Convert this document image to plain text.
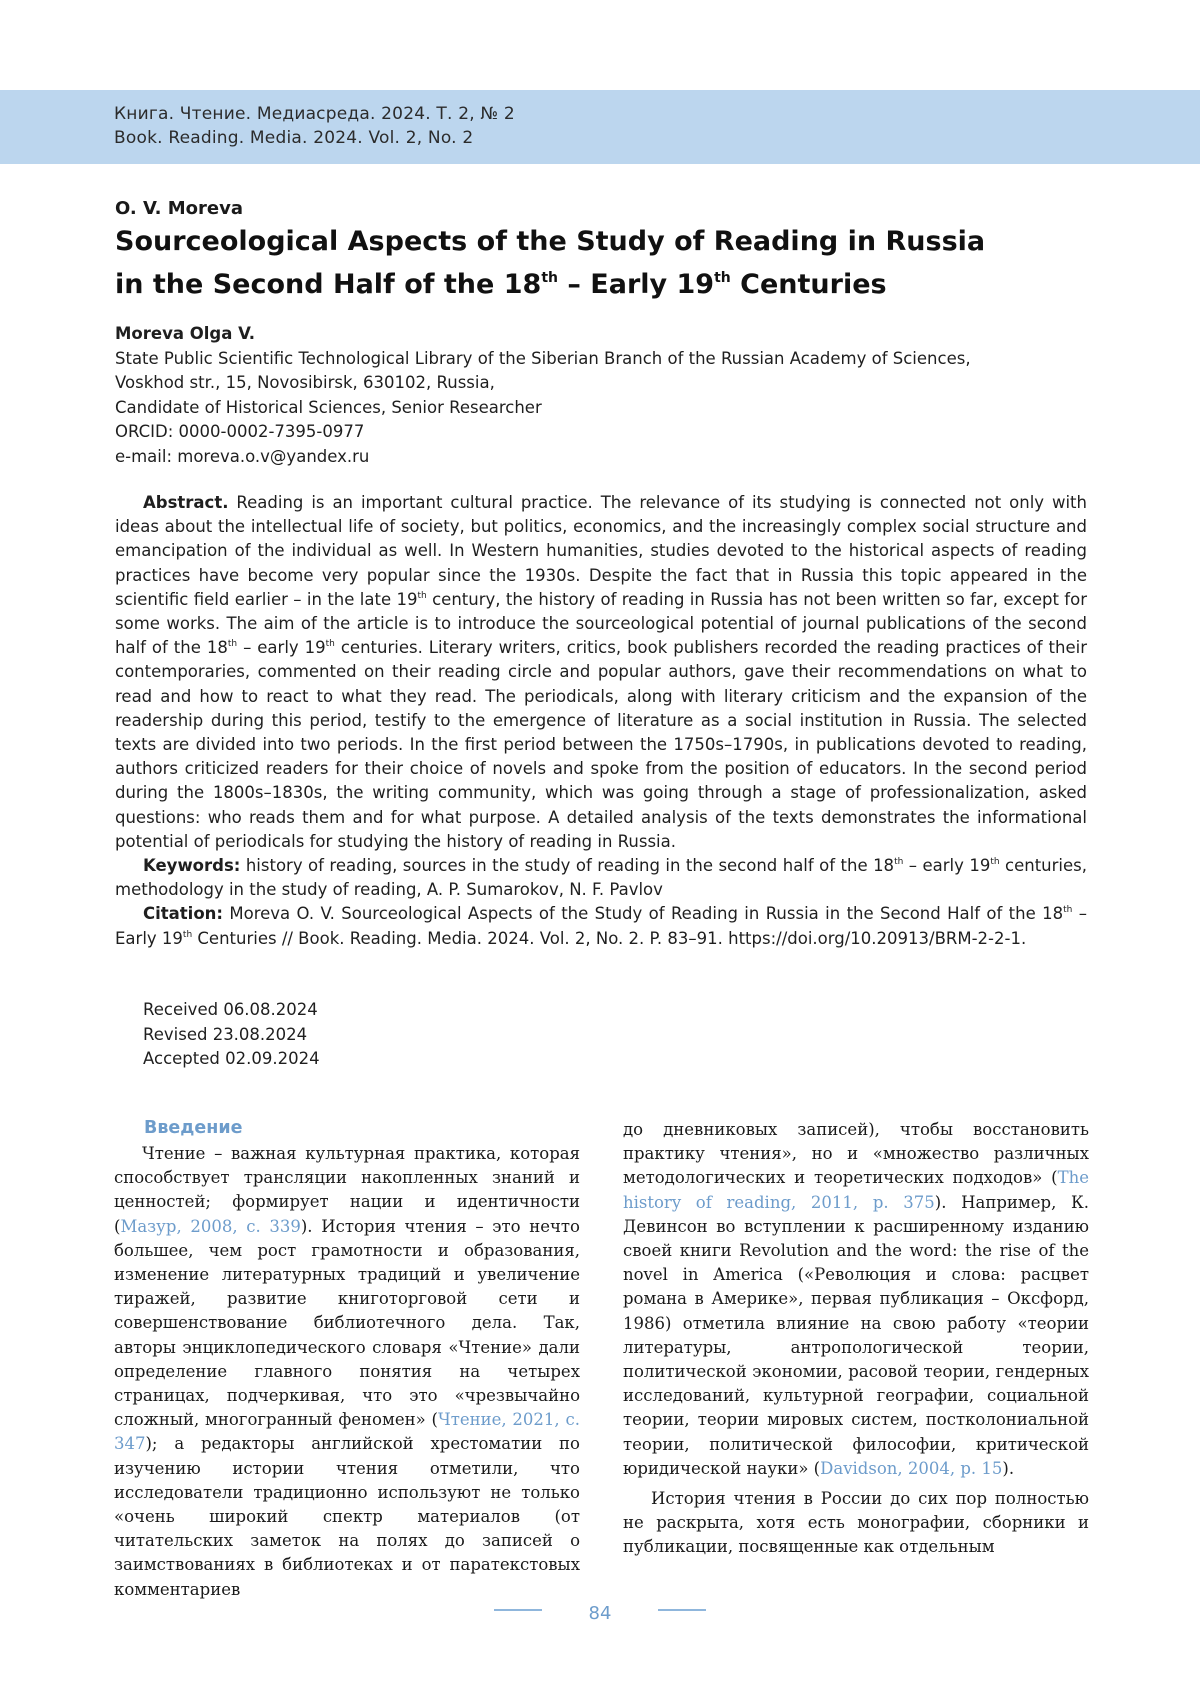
Книга. Чтение. Медиасреда. 2024. Т. 2, № 2
Book. Reading. Media. 2024. Vol. 2, No. 2
O. V. Moreva
Sourceological Aspects of the Study of Reading in Russia
in the Second Half of the 18th – Early 19th Centuries
Moreva Olga V.
State Public Scientific Technological Library of the Siberian Branch of the Russian Academy of Sciences,
Voskhod str., 15, Novosibirsk, 630102, Russia,
Candidate of Historical Sciences, Senior Researcher
ORCID: 0000-0002-7395-0977
e-mail: moreva.o.v@yandex.ru

Abstract. Reading is an important cultural practice. The relevance of its studying is connected not only with ideas about the intellectual life of society, but politics, economics, and the increasingly complex social structure and emancipation of the individual as well. In Western humanities, studies devoted to the historical aspects of reading practices have become very popular since the 1930s. Despite the fact that in Russia this topic appeared in the scientific field earlier – in the late 19th century, the history of reading in Russia has not been written so far, except for some works. The aim of the article is to introduce the sourceological potential of journal publications of the second half of the 18th – early 19th centuries. Literary writers, critics, book publishers recorded the reading practices of their contemporaries, commented on their reading circle and popular authors, gave their recommendations on what to read and how to react to what they read. The periodicals, along with literary criticism and the expansion of the readership during this period, testify to the emergence of literature as a social institution in Russia. The selected texts are divided into two periods. In the first period between the 1750s–1790s, in publications devoted to reading, authors criticized readers for their choice of novels and spoke from the position of educators. In the second period during the 1800s–1830s, the writing community, which was going through a stage of professionalization, asked questions: who reads them and for what purpose. A detailed analysis of the texts demonstrates the informational potential of periodicals for studying the history of reading in Russia.

Keywords: history of reading, sources in the study of reading in the second half of the 18th – early 19th centuries, methodology in the study of reading, A. P. Sumarokov, N. F. Pavlov

Citation: Moreva O. V. Sourceological Aspects of the Study of Reading in Russia in the Second Half of the 18th – Early 19th Centuries // Book. Reading. Media. 2024. Vol. 2, No. 2. P. 83–91. https://doi.org/10.20913/BRM-2-2-1.

Received 06.08.2024
Revised 23.08.2024
Accepted 02.09.2024
Введение

Чтение – важная культурная практика, которая способствует трансляции накопленных знаний и ценностей; формирует нации и идентичности (Мазур, 2008, с. 339). История чтения – это нечто большее, чем рост грамотности и образования, изменение литературных традиций и увеличение тиражей, развитие книготорговой сети и совершенствование библиотечного дела. Так, авторы энциклопедического словаря «Чтение» дали определение главного понятия на четырех страницах, подчеркивая, что это «чрезвычайно сложный, многогранный феномен» (Чтение, 2021, с. 347); а редакторы английской хрестоматии по изучению истории чтения отметили, что исследователи традиционно используют не только «очень широкий спектр материалов (от читательских заметок на полях до записей о заимствованиях в библиотеках и от паратекстовых комментариев

до дневниковых записей), чтобы восстановить практику чтения», но и «множество различных методологических и теоретических подходов» (The history of reading, 2011, p. 375). Например, К. Девинсон во вступлении к расширенному изданию своей книги Revolution and the word: the rise of the novel in America («Революция и слова: расцвет романа в Америке», первая публикация – Оксфорд, 1986) отметила влияние на свою работу «теории литературы, антропологической теории, политической экономии, расовой теории, гендерных исследований, культурной географии, социальной теории, теории мировых систем, постколониальной теории, политической философии, критической юридической науки» (Davidson, 2004, p. 15).

История чтения в России до сих пор полностью не раскрыта, хотя есть монографии, сборники и публикации, посвященные как отдельным

84
